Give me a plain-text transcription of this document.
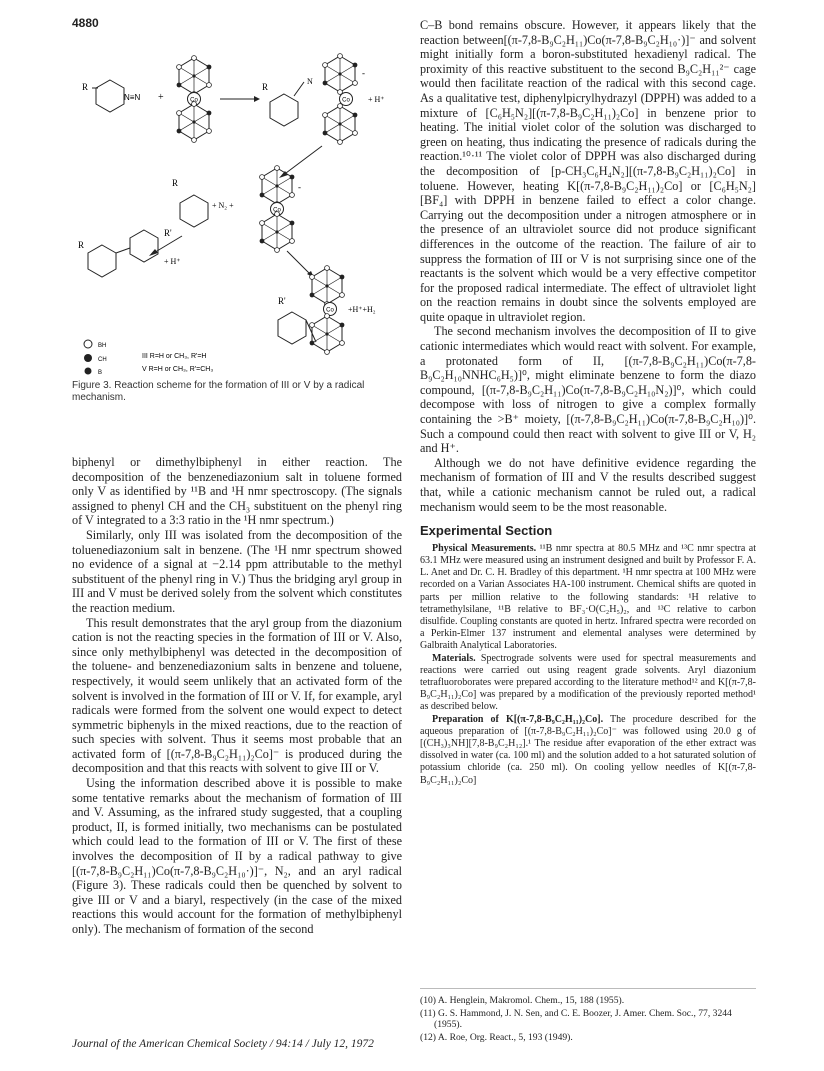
4880
Co
R
N≡N +
R
N
-
+ H⁺
R
+ N₂ +
-
R
R'
+ H⁺
R'
+H⁺+H₂
BH
CH
B
III R=H or CH₃, R'=H
V R=H or CH₃, R'=CH₃
Figure 3. Reaction scheme for the formation of III or V by a radical mechanism.

biphenyl or dimethylbiphenyl in either reaction. The decomposition of the benzenediazonium salt in toluene formed only V as identified by ¹¹B and ¹H nmr spectroscopy. (The signals assigned to phenyl CH and the CH₃ substituent on the phenyl ring of V integrated to a 3:3 ratio in the ¹H nmr spectrum.)

Similarly, only III was isolated from the decomposition of the toluenediazonium salt in benzene. (The ¹H nmr spectrum showed no evidence of a signal at −2.14 ppm attributable to the methyl substituent of the phenyl ring in V.) Thus the bridging aryl group in III and V must be derived solely from the solvent which constitutes the reaction medium.

This result demonstrates that the aryl group from the diazonium cation is not the reacting species in the formation of III or V. Also, since only methylbiphenyl was detected in the decomposition of the toluene- and benzenediazonium salts in benzene and toluene, respectively, it would seem unlikely that an activated form of the solvent is involved in the formation of III or V. If, for example, aryl radicals were formed from the solvent one would expect to detect symmetric biphenyls in the mixed reactions, due to the reaction of such species with solvent. Thus it seems most probable that an activated form of [(π-7,8-B₉C₂H₁₁)₂Co]⁻ is produced during the decomposition and that this reacts with solvent to give III or V.

Using the information described above it is possible to make some tentative remarks about the mechanism of formation of III and V. Assuming, as the infrared study suggested, that a coupling product, II, is formed initially, two mechanisms can be postulated which could lead to the formation of III or V. The first of these involves the decomposition of II by a radical pathway to give [(π-7,8-B₉C₂H₁₁)Co(π-7,8-B₉C₂H₁₀·)]⁻, N₂, and an aryl radical (Figure 3). These radicals could then be quenched by solvent to give III or V and a biaryl, respectively (in the case of the mixed reactions this would account for the formation of methylbiphenyl only). The mechanism of formation of the second

C–B bond remains obscure. However, it appears likely that the reaction between[(π-7,8-B₉C₂H₁₁)Co(π-7,8-B₉C₂H₁₀·)]⁻ and solvent might initially form a boron-substituted hexadienyl radical. The proximity of this reactive substituent to the second B₉C₂H₁₁²⁻ cage would then facilitate reaction of the radical with this second cage. As a qualitative test, diphenylpicrylhydrazyl (DPPH) was added to a mixture of [C₆H₅N₂][(π-7,8-B₉C₂H₁₁)₂Co] in benzene prior to heating. The initial violet color of the solution was discharged to green on heating, thus indicating the presence of radicals during the reaction.¹⁰·¹¹ The violet color of DPPH was also discharged during the decomposition of [p-CH₃C₆H₄N₂][(π-7,8-B₉C₂H₁₁)₂Co] in toluene. However, heating K[(π-7,8-B₉C₂H₁₁)₂Co] or [C₆H₅N₂][BF₄] with DPPH in benzene failed to effect a color change. Carrying out the decomposition under a nitrogen atmosphere or in the presence of an ultraviolet source did not produce significant differences in the outcome of the reaction. The failure of air to suppress the formation of III or V is not surprising since one of the reactants is the solvent which would be a very effective competitor for the proposed radical intermediate. The effect of ultraviolet light on the reaction remains in doubt since the solvents employed are quite opaque in ultraviolet region.

The second mechanism involves the decomposition of II to give cationic intermediates which would react with solvent. For example, a protonated form of II, [(π-7,8-B₉C₂H₁₁)Co(π-7,8-B₉C₂H₁₀NNHC₆H₅)]⁰, might eliminate benzene to form the diazo compound, [(π-7,8-B₉C₂H₁₁)Co(π-7,8-B₉C₂H₁₀N₂)]⁰, which could decompose with loss of nitrogen to give a complex formally containing the >B⁺ moiety, [(π-7,8-B₉C₂H₁₁)Co(π-7,8-B₉C₂H₁₀)]⁰. Such a compound could then react with solvent to give III or V, H₂ and H⁺.

Although we do not have definitive evidence regarding the mechanism of formation of III and V the results described suggest that, while a cationic mechanism cannot be ruled out, a radical mechanism would seem to be the most reasonable.

Experimental Section

Physical Measurements. ¹¹B nmr spectra at 80.5 MHz and ¹³C nmr spectra at 63.1 MHz were measured using an instrument designed and built by Professor F. A. L. Anet and Dr. C. H. Bradley of this department. ¹H nmr spectra at 100 MHz were recorded on a Varian Associates HA-100 instrument. Chemical shifts are quoted in parts per million relative to the following standards: ¹H relative to tetramethylsilane, ¹¹B relative to BF₃·O(C₂H₅)₂, and ¹³C relative to carbon disulfide. Coupling constants are quoted in hertz. Infrared spectra were recorded on a Perkin-Elmer 137 instrument and elemental analyses were determined by Galbraith Analytical Laboratories.

Materials. Spectrograde solvents were used for spectral measurements and reactions were carried out using reagent grade solvents. Aryl diazonium tetrafluoroborates were prepared according to the literature method¹² and K[(π-7,8-B₉C₂H₁₁)₂Co] was prepared by a modification of the previously reported method¹ as described below.

Preparation of K[(π-7,8-B₉C₂H₁₁)₂Co]. The procedure described for the aqueous preparation of [(π-7,8-B₉C₂H₁₁)₂Co]⁻ was followed using 20.0 g of [(CH₃)₃NH][7,8-B₉C₂H₁₂].¹ The residue after evaporation of the ether extract was dissolved in water (ca. 100 ml) and the solution added to a hot saturated solution of potassium chloride (ca. 250 ml). On cooling yellow needles of K[(π-7,8-B₉C₂H₁₁)₂Co]

(10) A. Henglein, Makromol. Chem., 15, 188 (1955).
(11) G. S. Hammond, J. N. Sen, and C. E. Boozer, J. Amer. Chem. Soc., 77, 3244 (1955).
(12) A. Roe, Org. React., 5, 193 (1949).
Journal of the American Chemical Society / 94:14 / July 12, 1972
